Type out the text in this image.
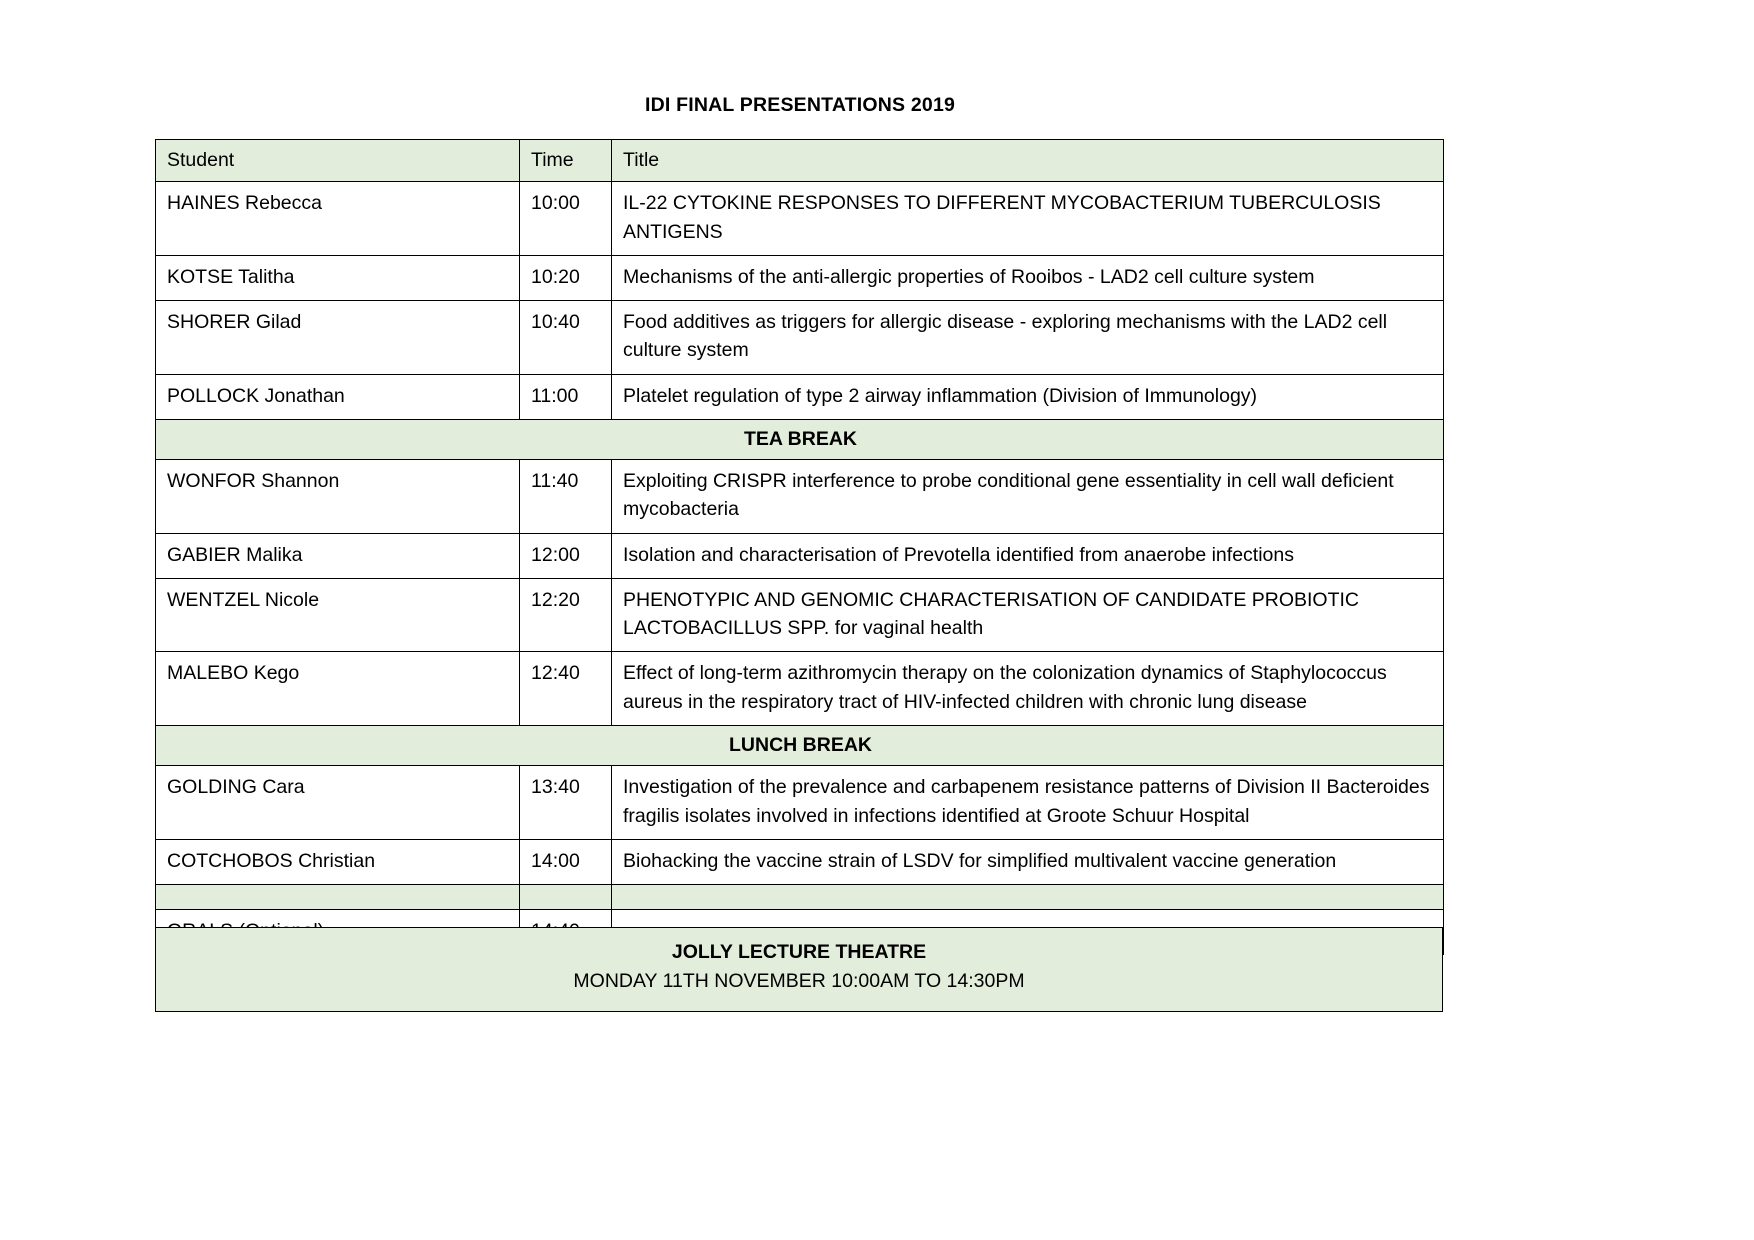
IDI FINAL PRESENTATIONS 2019
Student	Time	Title
HAINES Rebecca	10:00	IL-22 CYTOKINE RESPONSES TO DIFFERENT MYCOBACTERIUM TUBERCULOSIS ANTIGENS
KOTSE Talitha	10:20	Mechanisms of the anti-allergic properties of Rooibos - LAD2 cell culture system
SHORER Gilad	10:40	Food additives as triggers for allergic disease - exploring mechanisms with the LAD2 cell culture system
POLLOCK Jonathan	11:00	Platelet regulation of type 2 airway inflammation (Division of Immunology)
TEA BREAK		
WONFOR Shannon	11:40	Exploiting CRISPR interference to probe conditional gene essentiality in cell wall deficient mycobacteria
GABIER Malika	12:00	Isolation and characterisation of Prevotella identified from anaerobe infections
WENTZEL Nicole	12:20	PHENOTYPIC AND GENOMIC CHARACTERISATION OF CANDIDATE PROBIOTIC LACTOBACILLUS SPP. for vaginal health
MALEBO Kego	12:40	Effect of long-term azithromycin therapy on the colonization dynamics of Staphylococcus aureus in the respiratory tract of HIV-infected children with chronic lung disease
LUNCH BREAK		
GOLDING Cara	13:40	Investigation of the prevalence and carbapenem resistance patterns of Division II Bacteroides fragilis isolates involved in infections identified at Groote Schuur Hospital
COTCHOBOS Christian	14:00	Biohacking the vaccine strain of LSDV for simplified multivalent vaccine generation

JOLLY LECTURE THEATRE
MONDAY 11TH NOVEMBER 10:00AM TO 14:30PM
